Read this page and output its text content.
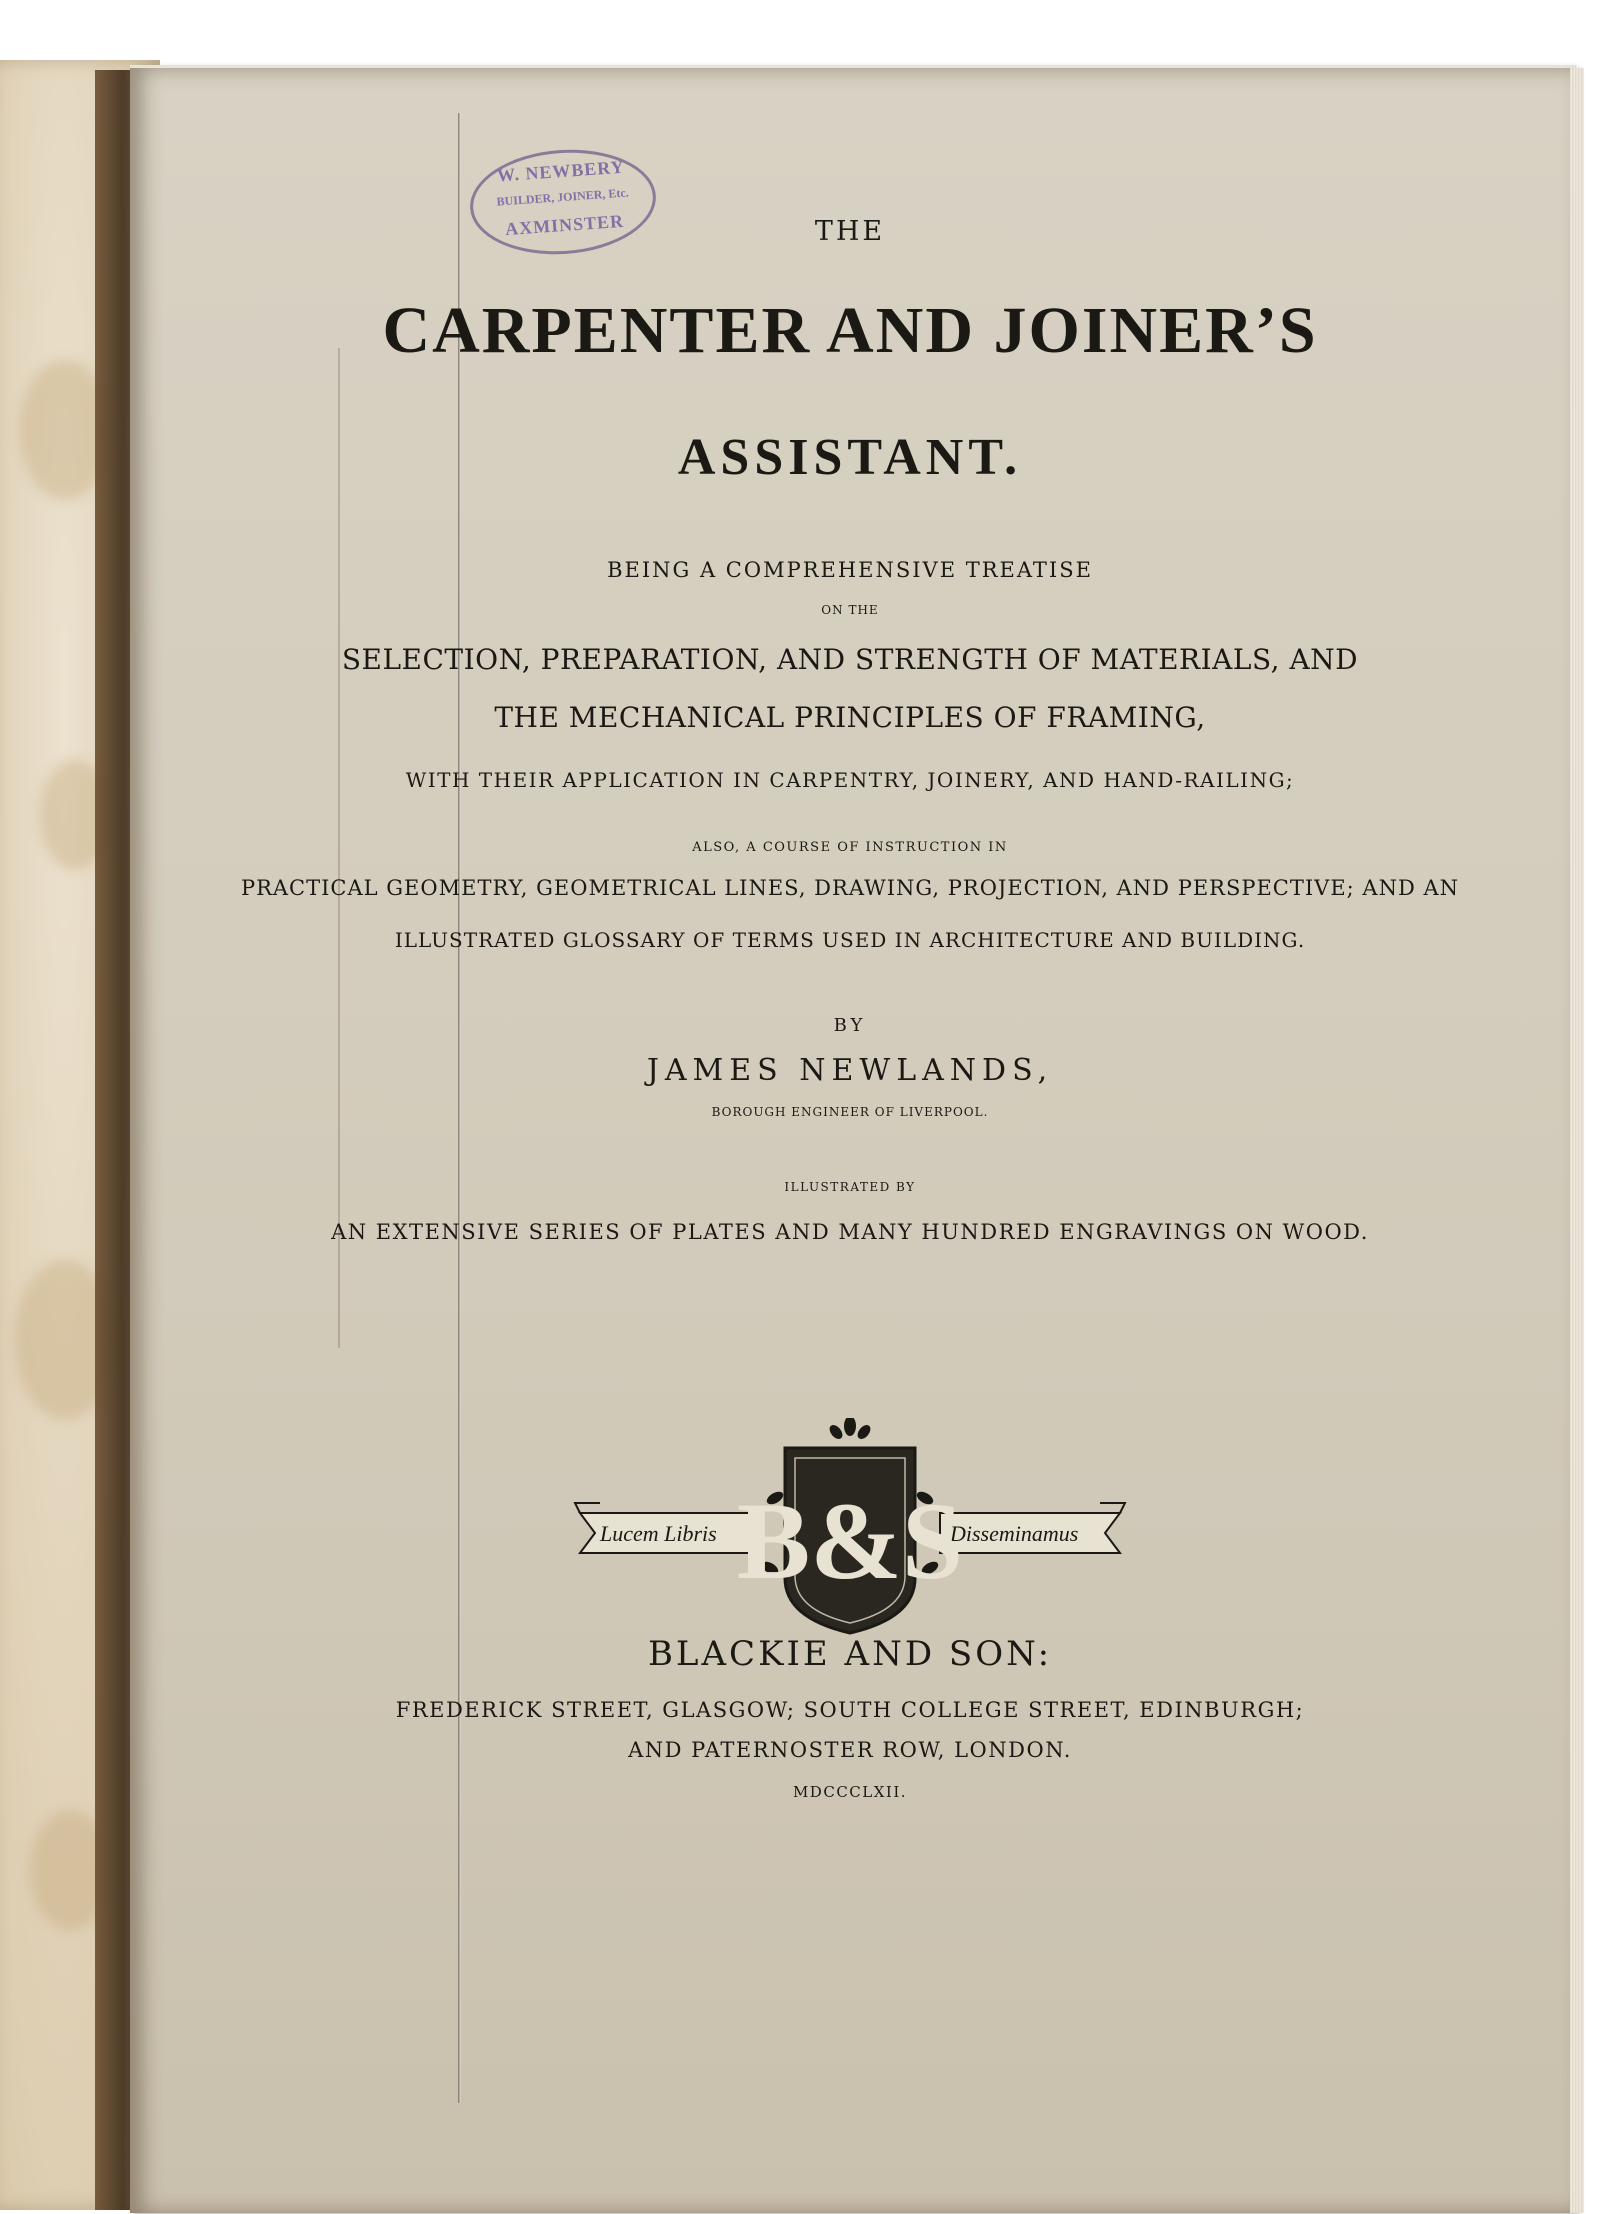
W. NEWBERY
BUILDER, JOINER, Etc.
AXMINSTER	THE
CARPENTER AND JOINER’S
ASSISTANT.
BEING A COMPREHENSIVE TREATISE
ON THE
SELECTION, PREPARATION, AND STRENGTH OF MATERIALS, AND
THE MECHANICAL PRINCIPLES OF FRAMING,
WITH THEIR APPLICATION IN CARPENTRY, JOINERY, AND HAND-RAILING;
ALSO, A COURSE OF INSTRUCTION IN
PRACTICAL GEOMETRY, GEOMETRICAL LINES, DRAWING, PROJECTION, AND PERSPECTIVE; AND AN
ILLUSTRATED GLOSSARY OF TERMS USED IN ARCHITECTURE AND BUILDING.
BY
JAMES NEWLANDS,
BOROUGH ENGINEER OF LIVERPOOL.
ILLUSTRATED BY
AN EXTENSIVE SERIES OF PLATES AND MANY HUNDRED ENGRAVINGS ON WOOD.
Lucem Libris	Disseminamus
B&S
BLACKIE AND SON:
FREDERICK STREET, GLASGOW; SOUTH COLLEGE STREET, EDINBURGH;
AND PATERNOSTER ROW, LONDON.
MDCCCLXII.
